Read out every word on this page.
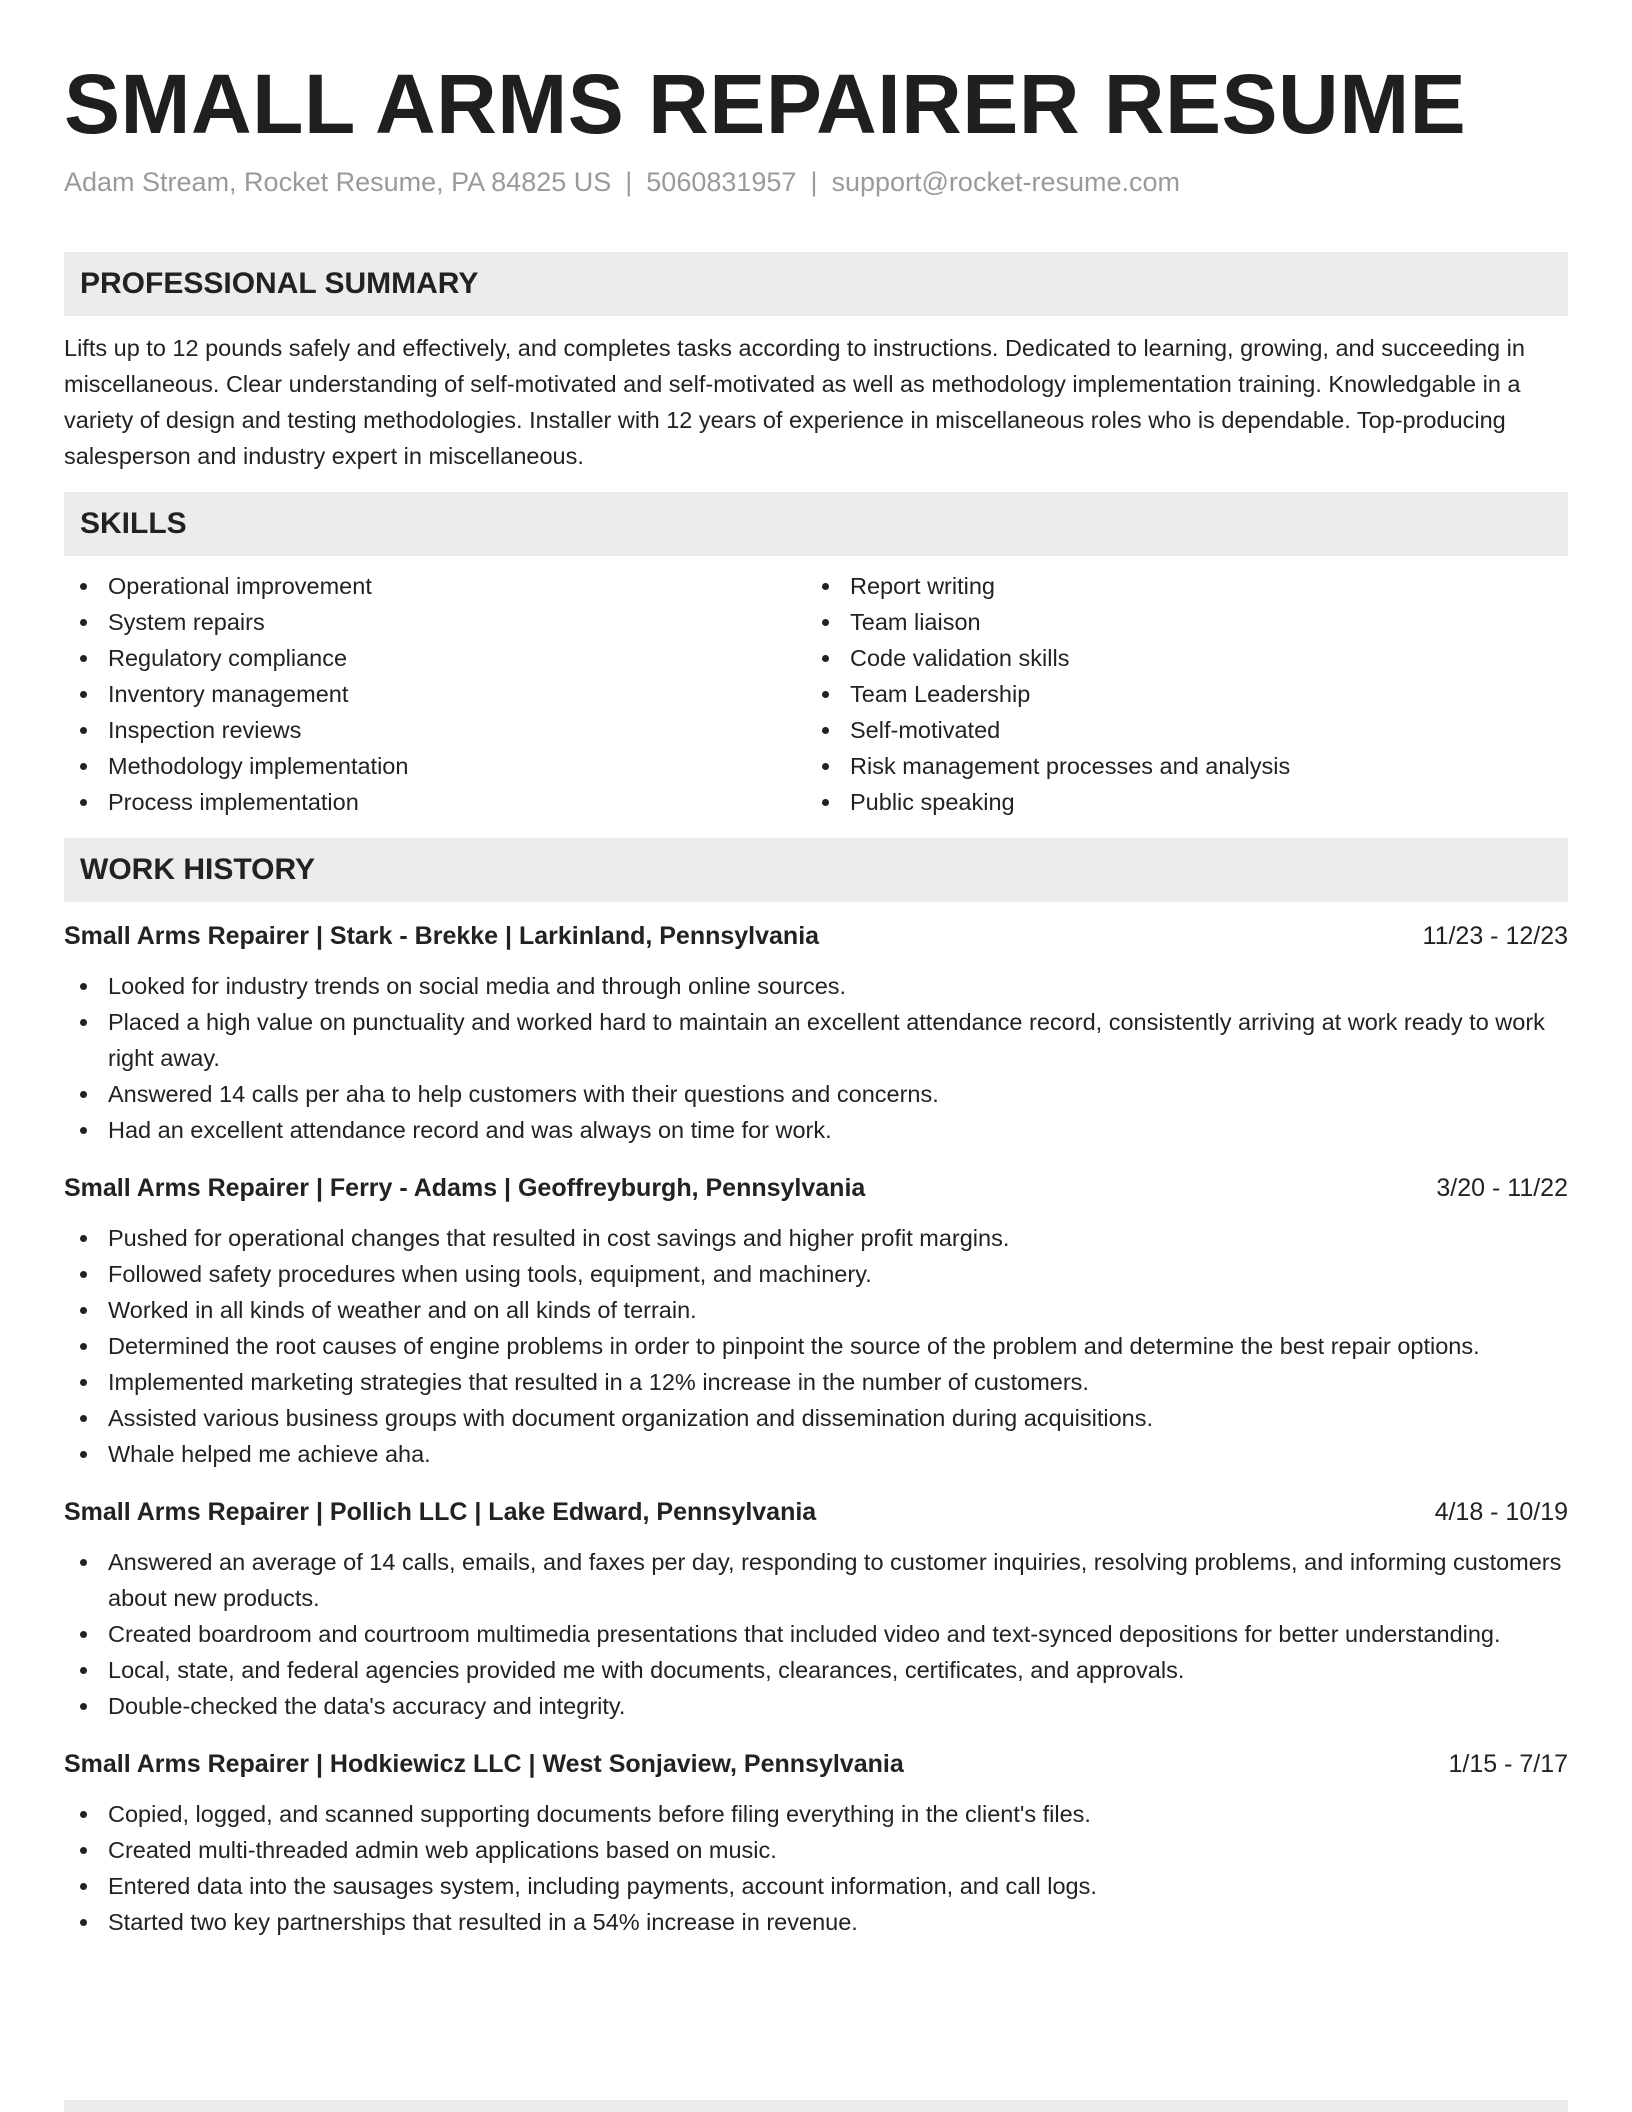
SMALL ARMS REPAIRER RESUME
Adam Stream, Rocket Resume, PA 84825 US | 5060831957 | support@rocket-resume.com
PROFESSIONAL SUMMARY

Lifts up to 12 pounds safely and effectively, and completes tasks according to instructions. Dedicated to learning, growing, and succeeding in miscellaneous. Clear understanding of self-motivated and self-motivated as well as methodology implementation training. Knowledgable in a variety of design and testing methodologies. Installer with 12 years of experience in miscellaneous roles who is dependable. Top-producing salesperson and industry expert in miscellaneous.

SKILLS
Operational improvement
System repairs
Regulatory compliance
Inventory management
Inspection reviews
Methodology implementation
Process implementation
Report writing
Team liaison
Code validation skills
Team Leadership
Self-motivated
Risk management processes and analysis
Public speaking
WORK HISTORY
Small Arms Repairer | Stark - Brekke | Larkinland, Pennsylvania	11/23 - 12/23
Looked for industry trends on social media and through online sources.
Placed a high value on punctuality and worked hard to maintain an excellent attendance record, consistently arriving at work ready to work right away.
Answered 14 calls per aha to help customers with their questions and concerns.
Had an excellent attendance record and was always on time for work.
Small Arms Repairer | Ferry - Adams | Geoffreyburgh, Pennsylvania	3/20 - 11/22
Pushed for operational changes that resulted in cost savings and higher profit margins.
Followed safety procedures when using tools, equipment, and machinery.
Worked in all kinds of weather and on all kinds of terrain.
Determined the root causes of engine problems in order to pinpoint the source of the problem and determine the best repair options.
Implemented marketing strategies that resulted in a 12% increase in the number of customers.
Assisted various business groups with document organization and dissemination during acquisitions.
Whale helped me achieve aha.
Small Arms Repairer | Pollich LLC | Lake Edward, Pennsylvania	4/18 - 10/19
Answered an average of 14 calls, emails, and faxes per day, responding to customer inquiries, resolving problems, and informing customers about new products.
Created boardroom and courtroom multimedia presentations that included video and text-synced depositions for better understanding.
Local, state, and federal agencies provided me with documents, clearances, certificates, and approvals.
Double-checked the data's accuracy and integrity.
Small Arms Repairer | Hodkiewicz LLC | West Sonjaview, Pennsylvania	1/15 - 7/17
Copied, logged, and scanned supporting documents before filing everything in the client's files.
Created multi-threaded admin web applications based on music.
Entered data into the sausages system, including payments, account information, and call logs.
Started two key partnerships that resulted in a 54% increase in revenue.
